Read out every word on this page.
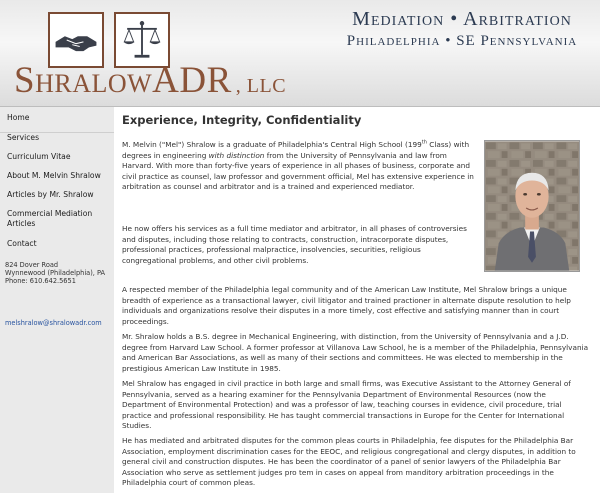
ShralowADR , LLC
Mediation • Arbitration
Philadelphia • SE Pennsylvania
Home
Services
Curriculum Vitae
About M. Melvin Shralow
Articles by Mr. Shralow
Commercial Mediation Articles
Contact
824 Dover Road
Wynnewood (Philadelphia), PA
Phone: 610.642.5651
melshralow@shralowadr.com
Experience, Integrity, Confidentiality

M. Melvin ("Mel") Shralow is a graduate of Philadelphia's Central High School (199th Class) with degrees in engineering with distinction from the University of Pennsylvania and law from Harvard. With more than forty-five years of experience in all phases of business, corporate and civil practice as counsel, law professor and government official, Mel has extensive experience in arbitration as counsel and arbitrator and is a trained and experienced mediator.

He now offers his services as a full time mediator and arbitrator, in all phases of controversies and disputes, including those relating to contracts, construction, intracorporate disputes, professional practices, professional malpractice, insolvencies, securities, religious congregational problems, and other civil problems.

A respected member of the Philadelphia legal community and of the American Law Institute, Mel Shralow brings a unique breadth of experience as a transactional lawyer, civil litigator and trained practioner in alternate dispute resolution to help individuals and organizations resolve their disputes in a more timely, cost effective and satisfying manner than in court proceedings.

Mr. Shralow holds a B.S. degree in Mechanical Engineering, with distinction, from the University of Pennsylvania and a J.D. degree from Harvard Law School. A former professor at Villanova Law School, he is a member of the Philadelphia, Pennsylvania and American Bar Associations, as well as many of their sections and committees. He was elected to membership in the prestigious American Law Institute in 1985.

Mel Shralow has engaged in civil practice in both large and small firms, was Executive Assistant to the Attorney General of Pennsylvania, served as a hearing examiner for the Pennsylvania Department of Environmental Resources (now the Department of Environmental Protection) and was a professor of law, teaching courses in evidence, civil procedure, trial practice and professional responsibility. He has taught commercial transactions in Europe for the Center for International Studies.

He has mediated and arbitrated disputes for the common pleas courts in Philadelphia, fee disputes for the Philadelphia Bar Association, employment discrimination cases for the EEOC, and religious congregational and clergy disputes, in addition to general civil and construction disputes. He has been the coordinator of a panel of senior lawyers of the Philadelphia Bar Association who serve as settlement judges pro tem in cases on appeal from manditory arbitration proceedings in the Philadelphia court of common pleas.
